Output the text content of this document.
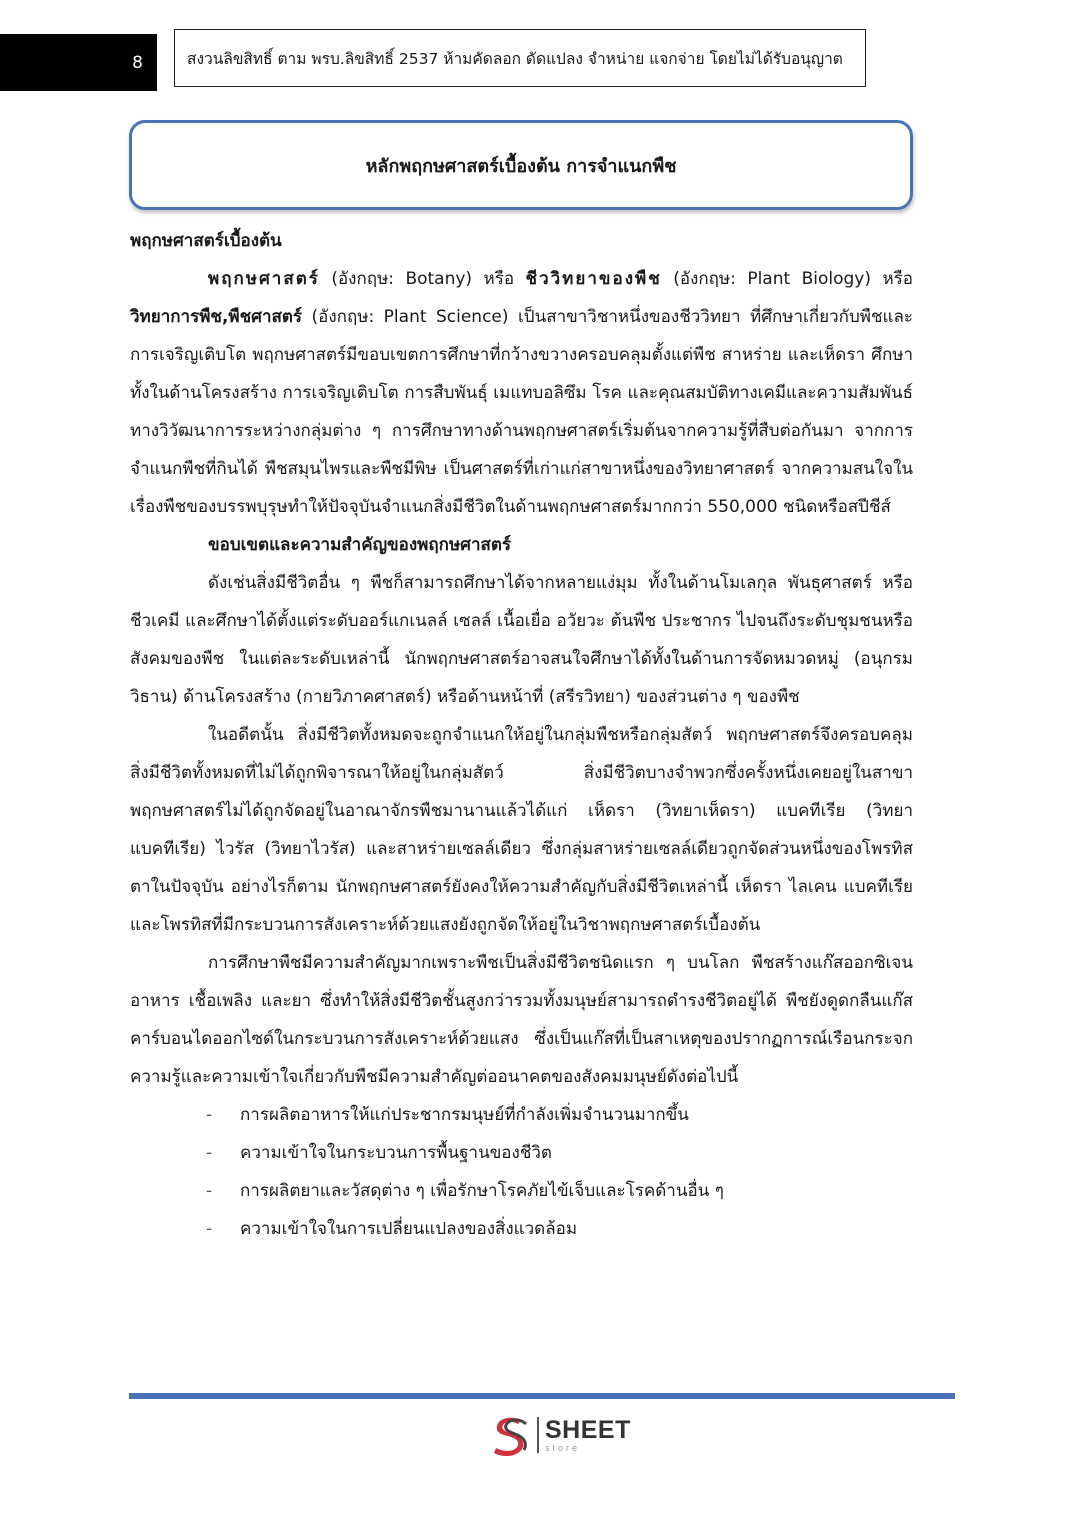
8	สงวนลิขสิทธิ์ ตาม พรบ.ลิขสิทธิ์ 2537 ห้ามคัดลอก ดัดแปลง จำหน่าย แจกจ่าย โดยไม่ได้รับอนุญาต
หลักพฤกษศาสตร์เบื้องต้น การจำแนกพืช

พฤกษศาสตร์เบื้องต้น

พฤกษศาสตร์ (อังกฤษ: Botany) หรือ ชีววิทยาของพืช (อังกฤษ: Plant Biology) หรือ วิทยาการพืช,พืชศาสตร์ (อังกฤษ: Plant Science) เป็นสาขาวิชาหนึ่งของชีววิทยา ที่ศึกษาเกี่ยวกับพืชและการเจริญเติบโต พฤกษศาสตร์มีขอบเขตการศึกษาที่กว้างขวางครอบคลุมตั้งแต่พืช สาหร่าย และเห็ดรา ศึกษาทั้งในด้านโครงสร้าง การเจริญเติบโต การสืบพันธุ์ เมแทบอลิซึม โรค และคุณสมบัติทางเคมีและความสัมพันธ์ทางวิวัฒนาการระหว่างกลุ่มต่าง ๆ การศึกษาทางด้านพฤกษศาสตร์เริ่มต้นจากความรู้ที่สืบต่อกันมา จากการจำแนกพืชที่กินได้ พืชสมุนไพรและพืชมีพิษ เป็นศาสตร์ที่เก่าแก่สาขาหนึ่งของวิทยาศาสตร์ จากความสนใจในเรื่องพืชของบรรพบุรุษทำให้ปัจจุบันจำแนกสิ่งมีชีวิตในด้านพฤกษศาสตร์มากกว่า 550,000 ชนิดหรือสปีชีส์

ขอบเขตและความสำคัญของพฤกษศาสตร์

ดังเช่นสิ่งมีชีวิตอื่น ๆ พืชก็สามารถศึกษาได้จากหลายแง่มุม ทั้งในด้านโมเลกุล พันธุศาสตร์ หรือชีวเคมี และศึกษาได้ตั้งแต่ระดับออร์แกเนลล์ เซลล์ เนื้อเยื่อ อวัยวะ ต้นพืช ประชากร ไปจนถึงระดับชุมชนหรือสังคมของพืช ในแต่ละระดับเหล่านี้ นักพฤกษศาสตร์อาจสนใจศึกษาได้ทั้งในด้านการจัดหมวดหมู่ (อนุกรมวิธาน) ด้านโครงสร้าง (กายวิภาคศาสตร์) หรือด้านหน้าที่ (สรีรวิทยา) ของส่วนต่าง ๆ ของพืช

ในอดีตนั้น สิ่งมีชีวิตทั้งหมดจะถูกจำแนกให้อยู่ในกลุ่มพืชหรือกลุ่มสัตว์ พฤกษศาสตร์จึงครอบคลุมสิ่งมีชีวิตทั้งหมดที่ไม่ได้ถูกพิจารณาให้อยู่ในกลุ่มสัตว์ สิ่งมีชีวิตบางจำพวกซึ่งครั้งหนึ่งเคยอยู่ในสาขาพฤกษศาสตร์ไม่ได้ถูกจัดอยู่ในอาณาจักรพืชมานานแล้วได้แก่ เห็ดรา (วิทยาเห็ดรา) แบคทีเรีย (วิทยาแบคทีเรีย) ไวรัส (วิทยาไวรัส) และสาหร่ายเซลล์เดียว ซึ่งกลุ่มสาหร่ายเซลล์เดียวถูกจัดส่วนหนึ่งของโพรทิสตาในปัจจุบัน อย่างไรก็ตาม นักพฤกษศาสตร์ยังคงให้ความสำคัญกับสิ่งมีชีวิตเหล่านี้ เห็ดรา ไลเคน แบคทีเรีย และโพรทิสที่มีกระบวนการสังเคราะห์ด้วยแสงยังถูกจัดให้อยู่ในวิชาพฤกษศาสตร์เบื้องต้น

การศึกษาพืชมีความสำคัญมากเพราะพืชเป็นสิ่งมีชีวิตชนิดแรก ๆ บนโลก พืชสร้างแก๊สออกซิเจน อาหาร เชื้อเพลิง และยา ซึ่งทำให้สิ่งมีชีวิตชั้นสูงกว่ารวมทั้งมนุษย์สามารถดำรงชีวิตอยู่ได้ พืชยังดูดกลืนแก๊สคาร์บอนไดออกไซด์ในกระบวนการสังเคราะห์ด้วยแสง ซึ่งเป็นแก๊สที่เป็นสาเหตุของปรากฏการณ์เรือนกระจก ความรู้และความเข้าใจเกี่ยวกับพืชมีความสำคัญต่ออนาคตของสังคมมนุษย์ดังต่อไปนี้

- การผลิตอาหารให้แก่ประชากรมนุษย์ที่กำลังเพิ่มจำนวนมากขึ้น
- ความเข้าใจในกระบวนการพื้นฐานของชีวิต
- การผลิตยาและวัสดุต่าง ๆ เพื่อรักษาโรคภัยไข้เจ็บและโรคด้านอื่น ๆ
- ความเข้าใจในการเปลี่ยนแปลงของสิ่งแวดล้อม
SHEET
store
